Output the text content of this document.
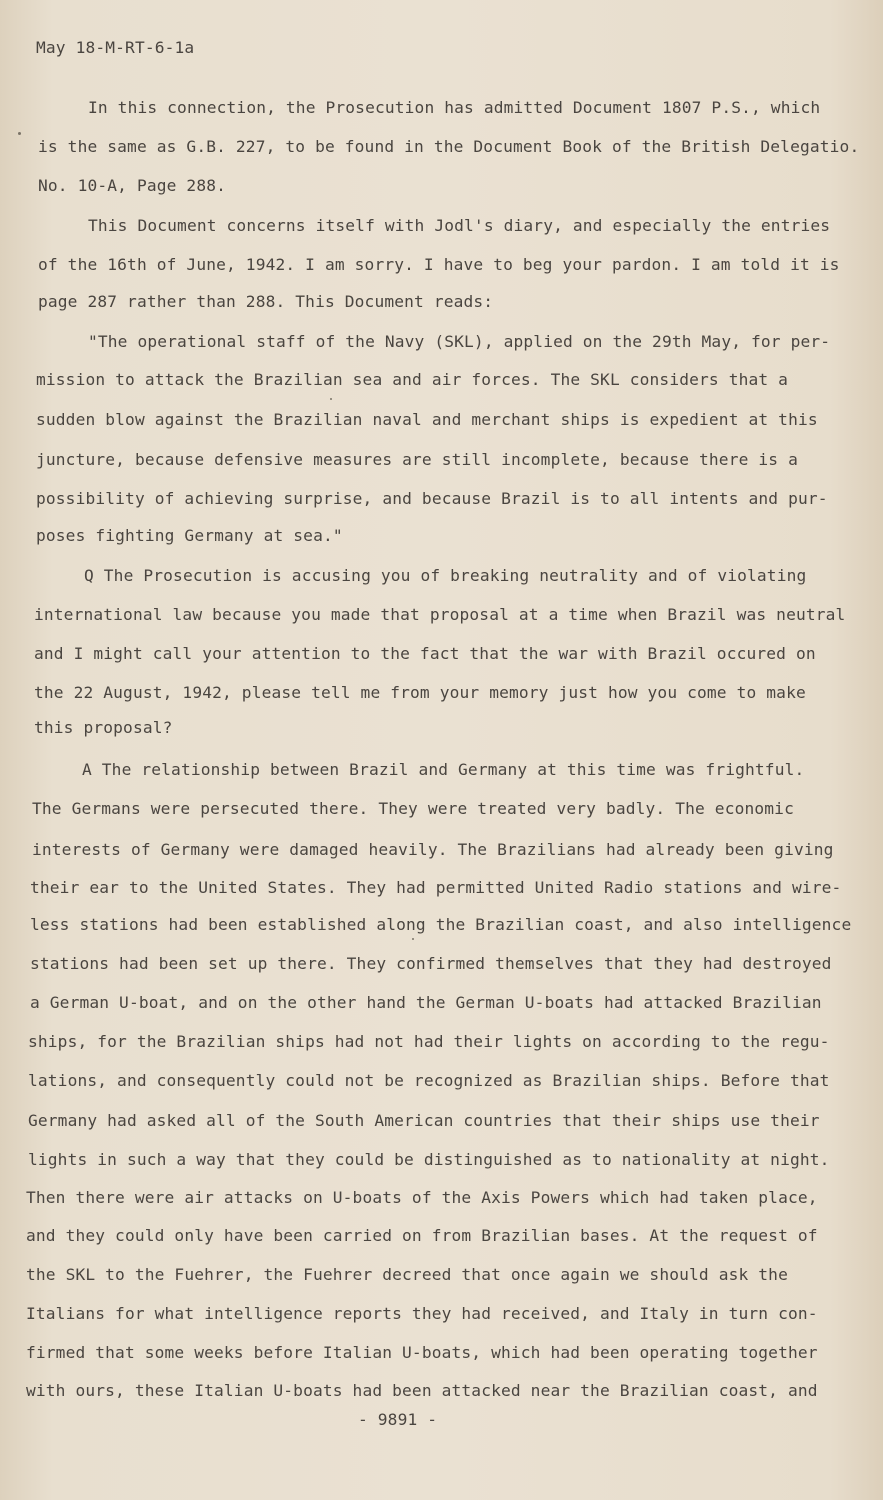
May 18-M-RT-6-1a
In this connection, the Prosecution has admitted Document 1807 P.S., which
is the same as G.B. 227, to be found in the Document Book of the British Delegatio.
No. 10-A, Page 288.
This Document concerns itself with Jodl's diary, and especially the entries
of the 16th of June, 1942. I am sorry. I have to beg your pardon. I am told it is
page 287 rather than 288. This Document reads:
"The operational staff of the Navy (SKL), applied on the 29th May, for per-
mission to attack the Brazilian sea and air forces. The SKL considers that a
sudden blow against the Brazilian naval and merchant ships is expedient at this
juncture, because defensive measures are still incomplete, because there is a
possibility of achieving surprise, and because Brazil is to all intents and pur-
poses fighting Germany at sea."
Q The Prosecution is accusing you of breaking neutrality and of violating
international law because you made that proposal at a time when Brazil was neutral
and I might call your attention to the fact that the war with Brazil occured on
the 22 August, 1942, please tell me from your memory just how you come to make
this proposal?
A The relationship between Brazil and Germany at this time was frightful.
The Germans were persecuted there. They were treated very badly. The economic
interests of Germany were damaged heavily. The Brazilians had already been giving
their ear to the United States. They had permitted United Radio stations and wire-
less stations had been established along the Brazilian coast, and also intelligence
stations had been set up there. They confirmed themselves that they had destroyed
a German U-boat, and on the other hand the German U-boats had attacked Brazilian
ships, for the Brazilian ships had not had their lights on according to the regu-
lations, and consequently could not be recognized as Brazilian ships. Before that
Germany had asked all of the South American countries that their ships use their
lights in such a way that they could be distinguished as to nationality at night.
Then there were air attacks on U-boats of the Axis Powers which had taken place,
and they could only have been carried on from Brazilian bases. At the request of
the SKL to the Fuehrer, the Fuehrer decreed that once again we should ask the
Italians for what intelligence reports they had received, and Italy in turn con-
firmed that some weeks before Italian U-boats, which had been operating together
with ours, these Italian U-boats had been attacked near the Brazilian coast, and
- 9891 -
